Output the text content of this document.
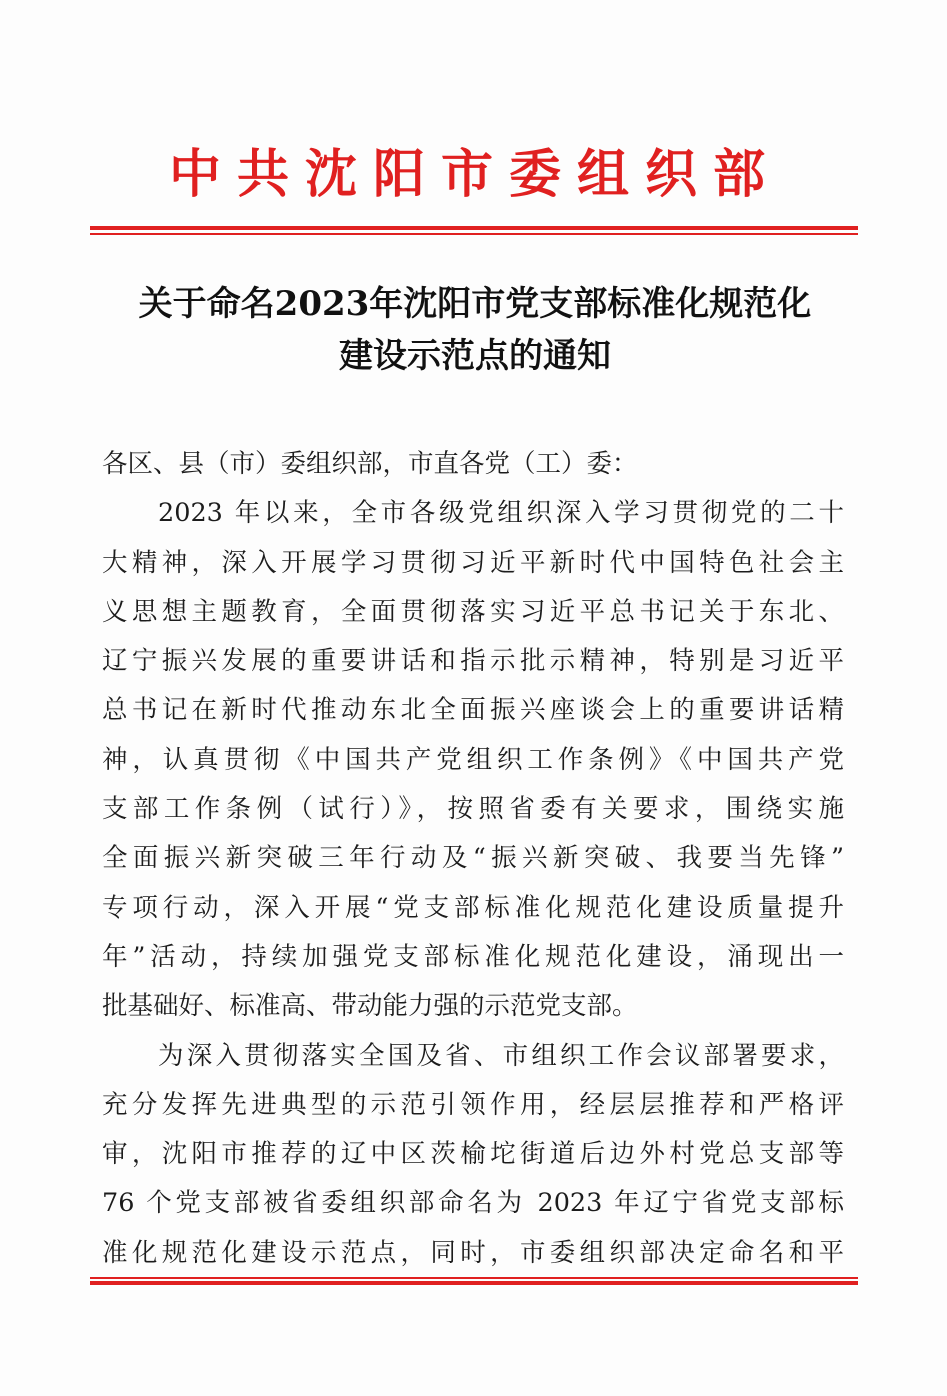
中共沈阳市委组织部
关于命名2023年沈阳市党支部标准化规范化
建设示范点的通知
各区、县（市）委组织部，市直各党（工）委：
2023 年以来，全市各级党组织深入学习贯彻党的二十
大精神，深入开展学习贯彻习近平新时代中国特色社会主
义思想主题教育，全面贯彻落实习近平总书记关于东北、
辽宁振兴发展的重要讲话和指示批示精神，特别是习近平
总书记在新时代推动东北全面振兴座谈会上的重要讲话精
神，认真贯彻《中国共产党组织工作条例》《中国共产党
支部工作条例（试行）》，按照省委有关要求，围绕实施
全面振兴新突破三年行动及“振兴新突破、我要当先锋”
专项行动，深入开展“党支部标准化规范化建设质量提升
年”活动，持续加强党支部标准化规范化建设，涌现出一
批基础好、标准高、带动能力强的示范党支部。
为深入贯彻落实全国及省、市组织工作会议部署要求，
充分发挥先进典型的示范引领作用，经层层推荐和严格评
审，沈阳市推荐的辽中区茨榆坨街道后边外村党总支部等
76 个党支部被省委组织部命名为 2023 年辽宁省党支部标
准化规范化建设示范点，同时，市委组织部决定命名和平
